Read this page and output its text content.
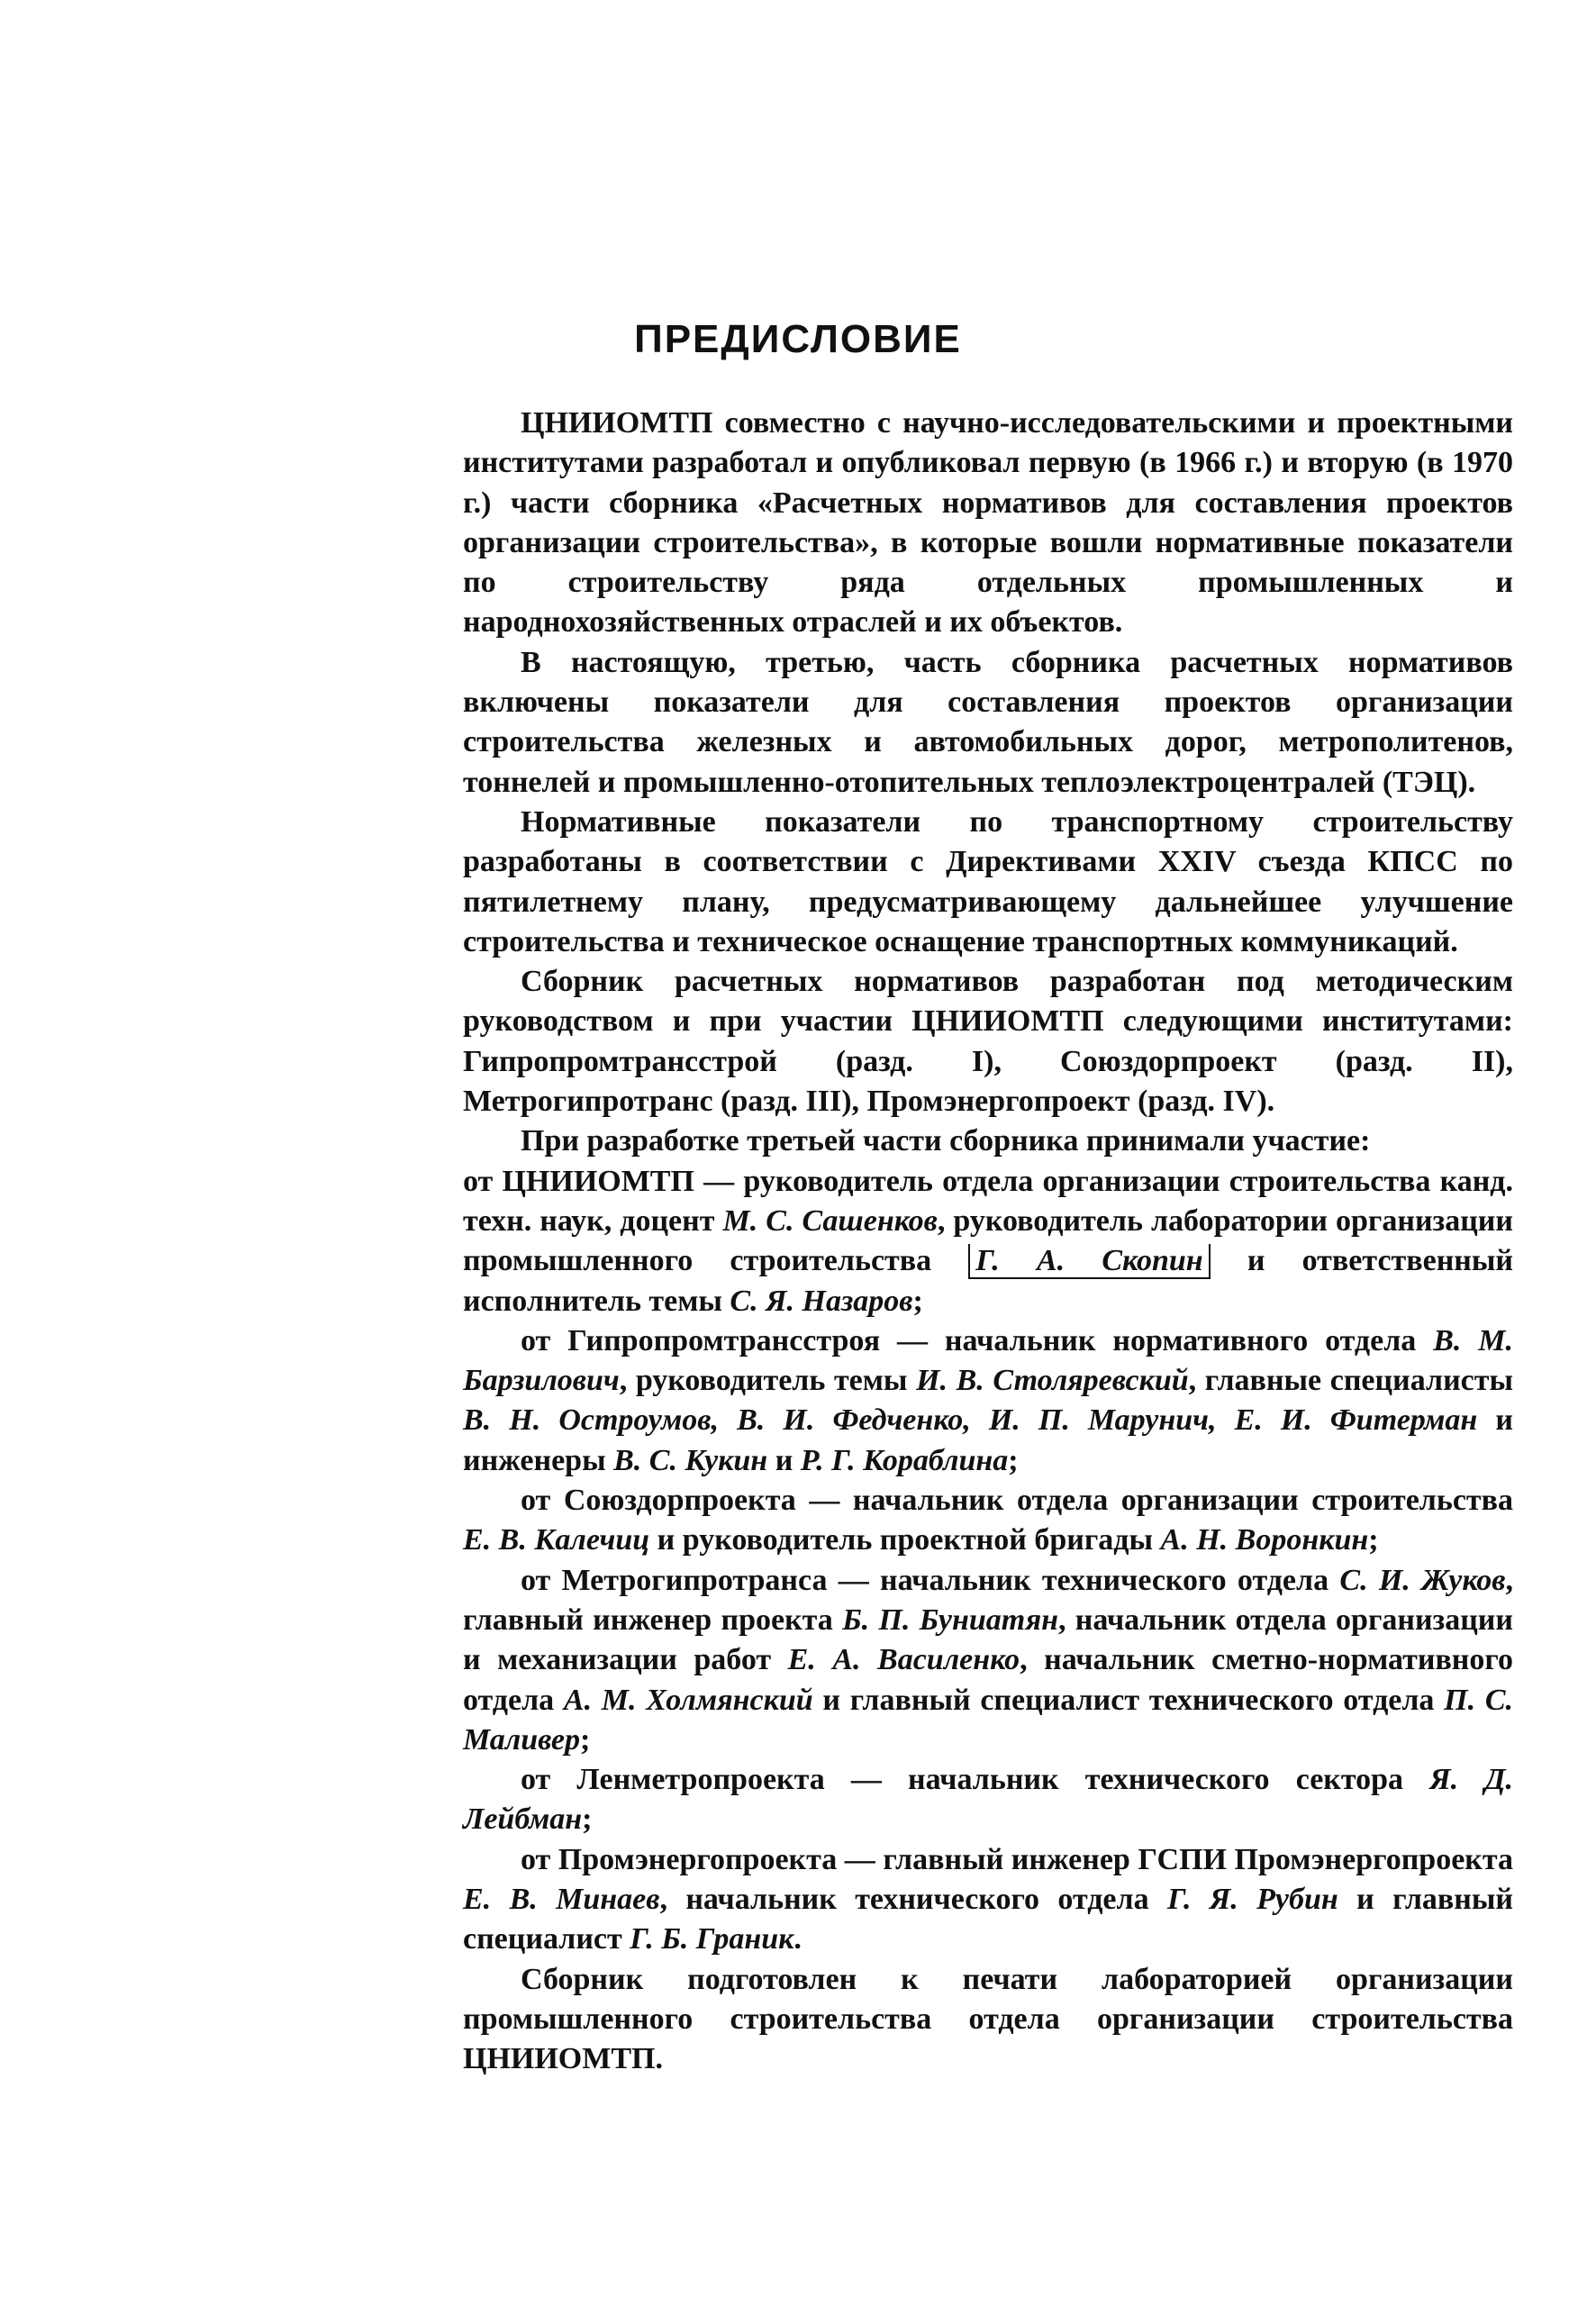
ПРЕДИСЛОВИЕ

ЦНИИОМТП совместно с научно-исследовательскими и проектными институтами разработал и опубликовал первую (в 1966 г.) и вторую (в 1970 г.) части сборника «Расчетных нормативов для составления проектов организации строительства», в которые вошли нормативные показатели по строительству ряда отдельных промышленных и народнохозяйственных отраслей и их объектов.

В настоящую, третью, часть сборника расчетных нормативов включены показатели для составления проектов организации строительства железных и автомобильных дорог, метрополитенов, тоннелей и промышленно-отопительных теплоэлектроцентралей (ТЭЦ).

Нормативные показатели по транспортному строительству разработаны в соответствии с Директивами XXIV съезда КПСС по пятилетнему плану, предусматривающему дальнейшее улучшение строительства и техническое оснащение транспортных коммуникаций.

Сборник расчетных нормативов разработан под методическим руководством и при участии ЦНИИОМТП следующими институтами: Гипропромтрансстрой (разд. I), Союздорпроект (разд. II), Метрогипротранс (разд. III), Промэнергопроект (разд. IV).

При разработке третьей части сборника принимали участие:

от ЦНИИОМТП — руководитель отдела организации строительства канд. техн. наук, доцент М. С. Сашенков, руководитель лаборатории организации промышленного строительства Г. А. Скопин и ответственный исполнитель темы С. Я. Назаров;

от Гипропромтрансстроя — начальник нормативного отдела В. М. Барзилович, руководитель темы И. В. Столяревский, главные специалисты В. Н. Остроумов, В. И. Федченко, И. П. Марунич, Е. И. Фитерман и инженеры В. С. Кукин и Р. Г. Кораблина;

от Союздорпроекта — начальник отдела организации строительства Е. В. Калечиц и руководитель проектной бригады А. Н. Воронкин;

от Метрогипротранса — начальник технического отдела С. И. Жуков, главный инженер проекта Б. П. Буниатян, начальник отдела организации и механизации работ Е. А. Василенко, начальник сметно-нормативного отдела А. М. Холмянский и главный специалист технического отдела П. С. Маливер;

от Ленметропроекта — начальник технического сектора Я. Д. Лейбман;

от Промэнергопроекта — главный инженер ГСПИ Промэнергопроекта Е. В. Минаев, начальник технического отдела Г. Я. Рубин и главный специалист Г. Б. Граник.

Сборник подготовлен к печати лабораторией организации промышленного строительства отдела организации строительства ЦНИИОМТП.
